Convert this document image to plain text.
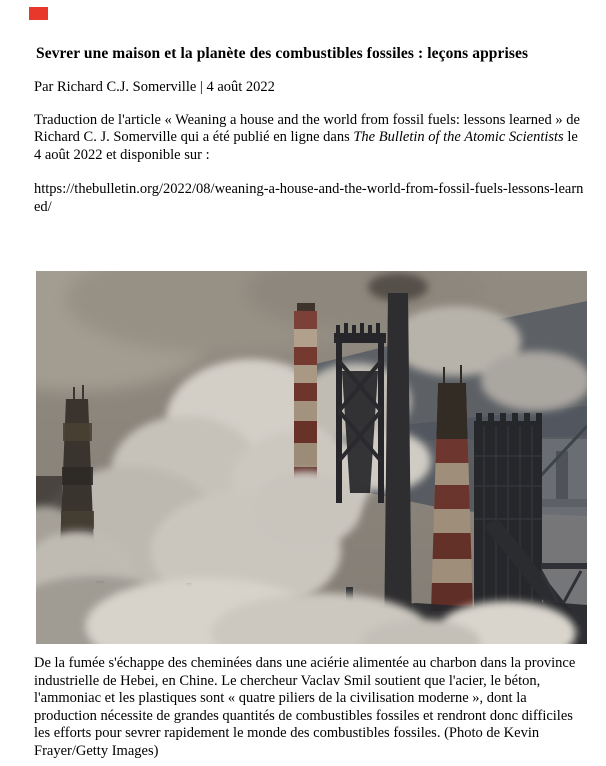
Sevrer une maison et la planète des combustibles fossiles : leçons apprises

Par Richard C.J. Somerville | 4 août 2022

Traduction de l'article « Weaning a house and the world from fossil fuels: lessons learned » de Richard C. J. Somerville qui a été publié en ligne dans The Bulletin of the Atomic Scientists le 4 août 2022 et disponible sur :

https://thebulletin.org/2022/08/weaning-a-house-and-the-world-from-fossil-fuels-lessons-learned/

De la fumée s'échappe des cheminées dans une aciérie alimentée au charbon dans la province industrielle de Hebei, en Chine. Le chercheur Vaclav Smil soutient que l'acier, le béton, l'ammoniac et les plastiques sont « quatre piliers de la civilisation moderne », dont la production nécessite de grandes quantités de combustibles fossiles et rendront donc difficiles les efforts pour sevrer rapidement le monde des combustibles fossiles. (Photo de Kevin Frayer/Getty Images)
